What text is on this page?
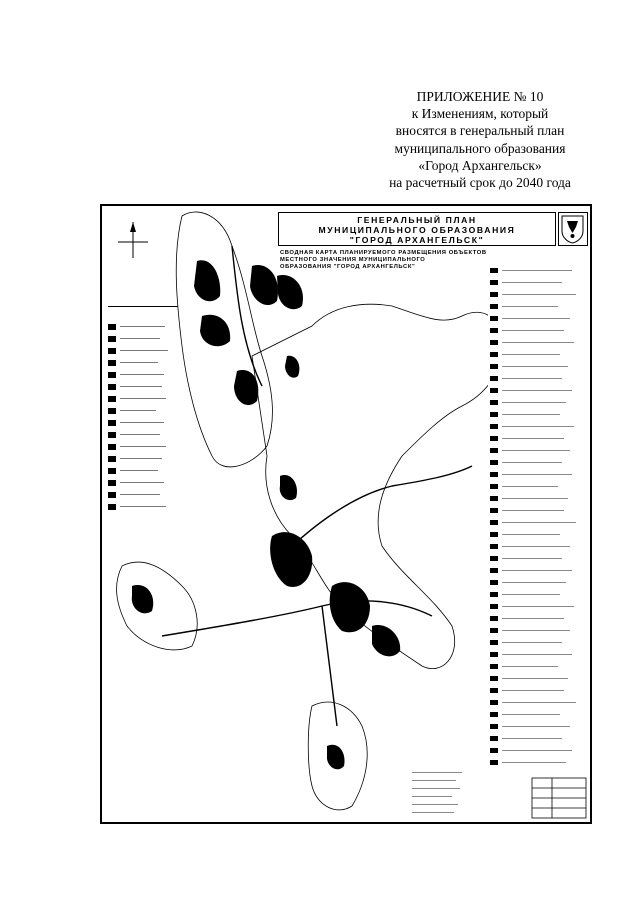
ПРИЛОЖЕНИЕ № 10
к Изменениям, который
вносятся в генеральный план
муниципального образования
«Город Архангельск»
на расчетный срок до 2040 года
ГЕНЕРАЛЬНЫЙ ПЛАН
МУНИЦИПАЛЬНОГО ОБРАЗОВАНИЯ
"ГОРОД АРХАНГЕЛЬСК"
СВОДНАЯ КАРТА ПЛАНИРУЕМОГО РАЗМЕЩЕНИЯ ОБЪЕКТОВ
МЕСТНОГО ЗНАЧЕНИЯ МУНИЦИПАЛЬНОГО
ОБРАЗОВАНИЯ "ГОРОД АРХАНГЕЛЬСК"
